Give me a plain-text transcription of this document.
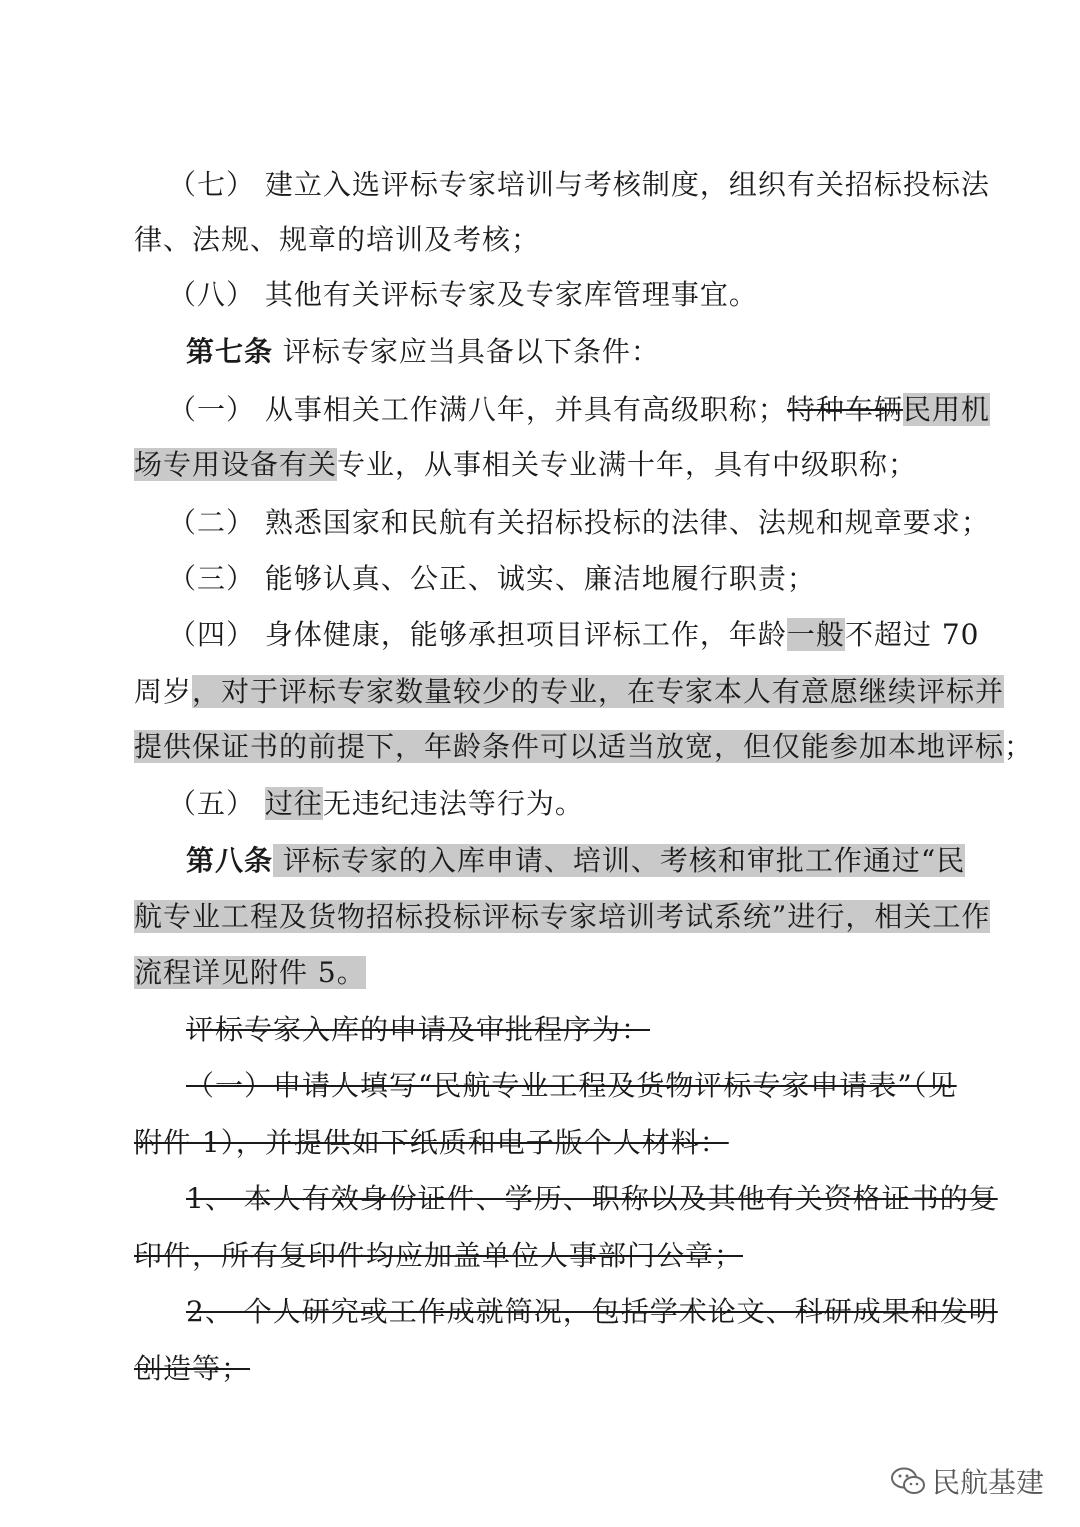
（七） 建立入选评标专家培训与考核制度，组织有关招标投标法
律、法规、规章的培训及考核；
（八） 其他有关评标专家及专家库管理事宜。
第七条 评标专家应当具备以下条件：
（一） 从事相关工作满八年，并具有高级职称；特种车辆民用机
场专用设备有关专业，从事相关专业满十年，具有中级职称；
（二） 熟悉国家和民航有关招标投标的法律、法规和规章要求；
（三） 能够认真、公正、诚实、廉洁地履行职责；
（四） 身体健康，能够承担项目评标工作，年龄一般不超过 70
周岁，对于评标专家数量较少的专业，在专家本人有意愿继续评标并
提供保证书的前提下，年龄条件可以适当放宽，但仅能参加本地评标；
（五） 过往无违纪违法等行为。
第八条 评标专家的入库申请、培训、考核和审批工作通过“民
航专业工程及货物招标投标评标专家培训考试系统”进行，相关工作
流程详见附件 5。
评标专家入库的申请及审批程序为：
（一）申请人填写“民航专业工程及货物评标专家申请表”（见
附件 1），并提供如下纸质和电子版个人材料：
1、 本人有效身份证件、学历、职称以及其他有关资格证书的复
印件，所有复印件均应加盖单位人事部门公章；
2、 个人研究或工作成就简况，包括学术论文、科研成果和发明
创造等；
民航基建
